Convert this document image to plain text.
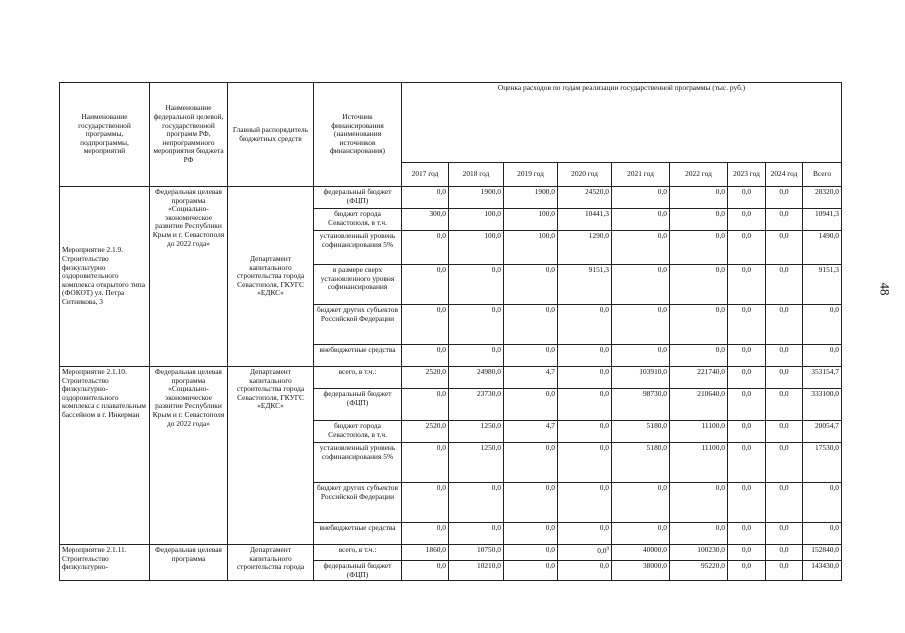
48
Наименование государственной программы, подпрограммы, мероприятий	Наименование федеральной целевой, государственной программ РФ, непрограммного мероприятия бюджета РФ	Главный распорядитель бюджетных средств	Источник финансирования (наименования источников финансирования)	Оценка расходов по годам реализации государственной программы (тыс. руб.)								
				2017 год	2018 год	2019 год	2020 год	2021 год	2022 год	2023 год	2024 год	Всего
Мероприятие 2.1.9. Строительство физкультурно оздоровительного комплекса открытого типа (ФОКОТ) ул. Петра Ситникова, 3	Федеральная целевая программа «Социально-экономическое развитие Республики Крым и г. Севастополя до 2022 года»	Департамент капитального строительства города Севастополя, ГКУГС «ЕДКС»	федеральный бюджет (ФЦП)	0,0	1900,0	1900,0	24520,0	0,0	0,0	0,0	0,0	28320,0
			бюджет города Севастополя, в т.ч.	300,0	100,0	100,0	10441,3	0,0	0,0	0,0	0,0	10941,3
			установленный уровень софинансирования 5%	0,0	100,0	100,0	1290,0	0,0	0,0	0,0	0,0	1490,0
			в размере сверх установленного уровня софинансирования	0,0	0,0	0,0	9151,3	0,0	0,0	0,0	0,0	9151,3
			бюджет других субъектов Российской Федерации	0,0	0,0	0,0	0,0	0,0	0,0	0,0	0,0	0,0
			внебюджетные средства	0,0	0,0	0,0	0,0	0,0	0,0	0,0	0,0	0,0
Мероприятие 2.1.10. Строительство физкультурно-оздоровительного комплекса с плавательным бассейном в г. Инкерман	Федеральная целевая программа «Социально-экономическое развитие Республики Крым и г. Севастополя до 2022 года»	Департамент капитального строительства города Севастополя, ГКУГС «ЕДКС»	всего, в т.ч.:	2520,0	24980,0	4,7	0,0	103910,0	221740,0	0,0	0,0	353154,7
			федеральный бюджет (ФЦП)	0,0	23730,0	0,0	0,0	98730,0	210640,0	0,0	0,0	333100,0
			бюджет города Севастополя, в т.ч.	2520,0	1250,0	4,7	0,0	5180,0	11100,0	0,0	0,0	20054,7
			установленный уровень софинансирования 5%	0,0	1250,0	0,0	0,0	5180,0	11100,0	0,0	0,0	17530,0
			бюджет других субъектов Российской Федерации	0,0	0,0	0,0	0,0	0,0	0,0	0,0	0,0	0,0
			внебюджетные средства	0,0	0,0	0,0	0,0	0,0	0,0	0,0	0,0	0,0
Мероприятие 2.1.11. Строительство физкультурно-	Федеральная целевая программа	Департамент капитального строительства города	всего, в т.ч.:	1860,0	10750,0	0,0	$0,0^9$	40000,0	100230,0	0,0	0,0	152840,0
			федеральный бюджет (ФЦП)	0,0	10210,0	0,0	0,0	38000,0	95220,0	0,0	0,0	143430,0
